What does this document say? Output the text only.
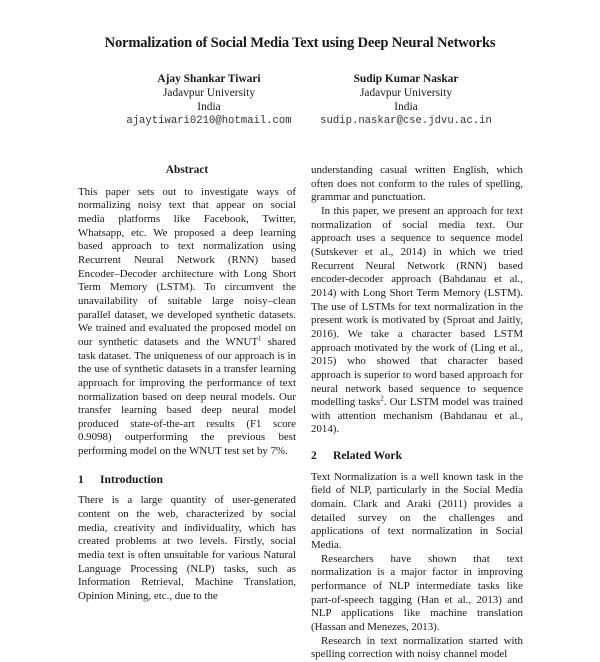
Normalization of Social Media Text using Deep Neural Networks
Ajay Shankar Tiwari
Jadavpur University
India
ajaytiwari0210@hotmail.com
Sudip Kumar Naskar
Jadavpur University
India
sudip.naskar@cse.jdvu.ac.in
Abstract

This paper sets out to investigate ways of normalizing noisy text that appear on social media platforms like Facebook, Twitter, Whatsapp, etc. We proposed a deep learning based approach to text normalization using Recurrent Neural Network (RNN) based Encoder–Decoder architecture with Long Short Term Memory (LSTM). To circumvent the unavailability of suitable large noisy–clean parallel dataset, we developed synthetic datasets. We trained and evaluated the proposed model on our synthetic datasets and the WNUT$^1$ shared task dataset. The uniqueness of our approach is in the use of synthetic datasets in a transfer learning approach for improving the performance of text normalization based on deep neural models. Our transfer learning based deep neural model produced state-of-the-art results (F1 score 0.9098) outperforming the previous best performing model on the WNUT test set by 7%.

1	Introduction

There is a large quantity of user-generated content on the web, characterized by social media, creativity and individuality, which has created problems at two levels. Firstly, social media text is often unsuitable for various Natural Language Processing (NLP) tasks, such as Information Retrieval, Machine Translation, Opinion Mining, etc., due to the

understanding casual written English, which often does not conform to the rules of spelling, grammar and punctuation.

In this paper, we present an approach for text normalization of social media text. Our approach uses a sequence to sequence model (Sutskever et al., 2014) in which we tried Recurrent Neural Network (RNN) based encoder-decoder approach (Bahdanau et al., 2014) with Long Short Term Memory (LSTM). The use of LSTMs for text normalization in the present work is motivated by (Sproat and Jaitly, 2016). We take a character based LSTM approach motivated by the work of (Ling et al., 2015) who showed that character based approach is superior to word based approach for neural network based sequence to sequence modelling tasks$^2$. Our LSTM model was trained with attention mechanism (Bahdanau et al., 2014).

2	Related Work

Text Normalization is a well known task in the field of NLP, particularly in the Social Media domain. Clark and Araki (2011) provides a detailed survey on the challenges and applications of text normalization in Social Media.

Researchers have shown that text normalization is a major factor in improving performance of NLP intermediate tasks like part-of-speech tagging (Han et al., 2013) and NLP applications like machine translation (Hassan and Menezes, 2013).

Research in text normalization started with spelling correction with noisy channel model
